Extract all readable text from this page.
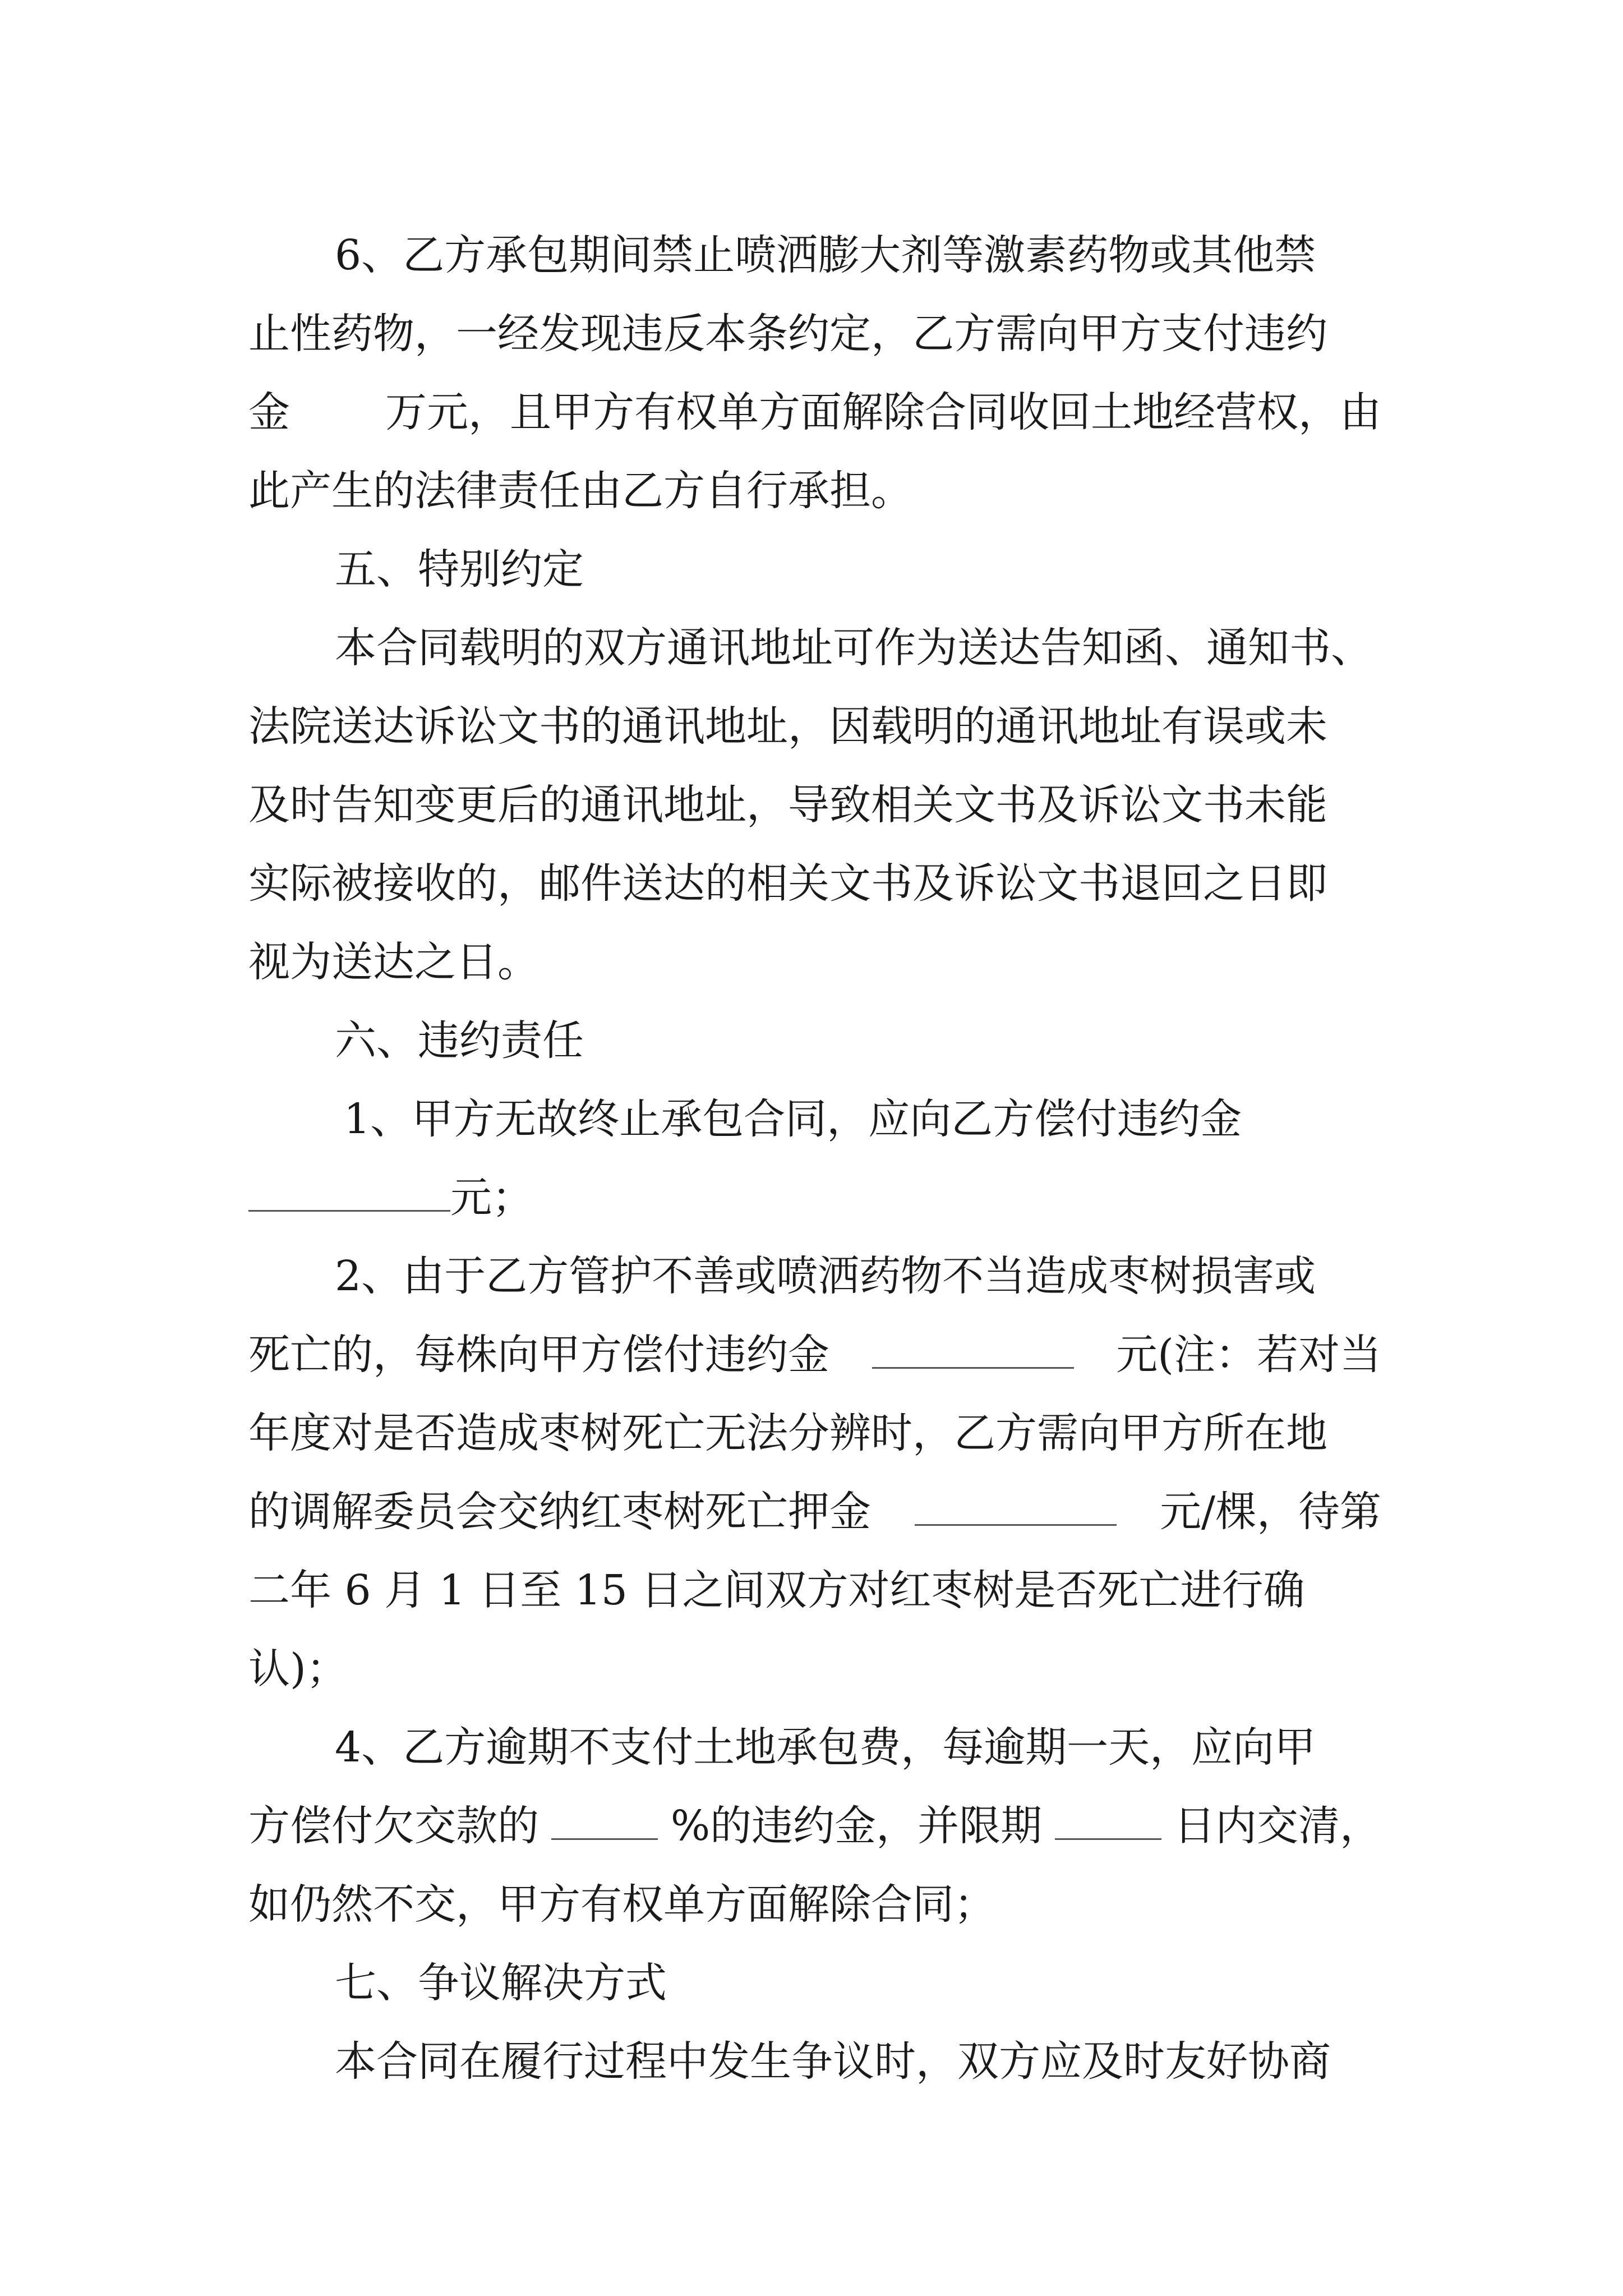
6、乙方承包期间禁止喷洒膨大剂等激素药物或其他禁
止性药物，一经发现违反本条约定，乙方需向甲方支付违约
金 万元，且甲方有权单方面解除合同收回土地经营权，由
此产生的法律责任由乙方自行承担。
五、特别约定
本合同载明的双方通讯地址可作为送达告知函、通知书、
法院送达诉讼文书的通讯地址，因载明的通讯地址有误或未
及时告知变更后的通讯地址，导致相关文书及诉讼文书未能
实际被接收的，邮件送达的相关文书及诉讼文书退回之日即
视为送达之日。
六、违约责任
1、甲方无故终止承包合同，应向乙方偿付违约金
元；
2、由于乙方管护不善或喷洒药物不当造成枣树损害或
死亡的，每株向甲方偿付违约金	元(注：若对当
年度对是否造成枣树死亡无法分辨时，乙方需向甲方所在地
的调解委员会交纳红枣树死亡押金	元/棵，待第
二年 6 月 1 日至 15 日之间双方对红枣树是否死亡进行确
认)；
4、乙方逾期不支付土地承包费，每逾期一天，应向甲
方偿付欠交款的	%的违约金，并限期	日内交清，
如仍然不交，甲方有权单方面解除合同；
七、争议解决方式
本合同在履行过程中发生争议时，双方应及时友好协商
